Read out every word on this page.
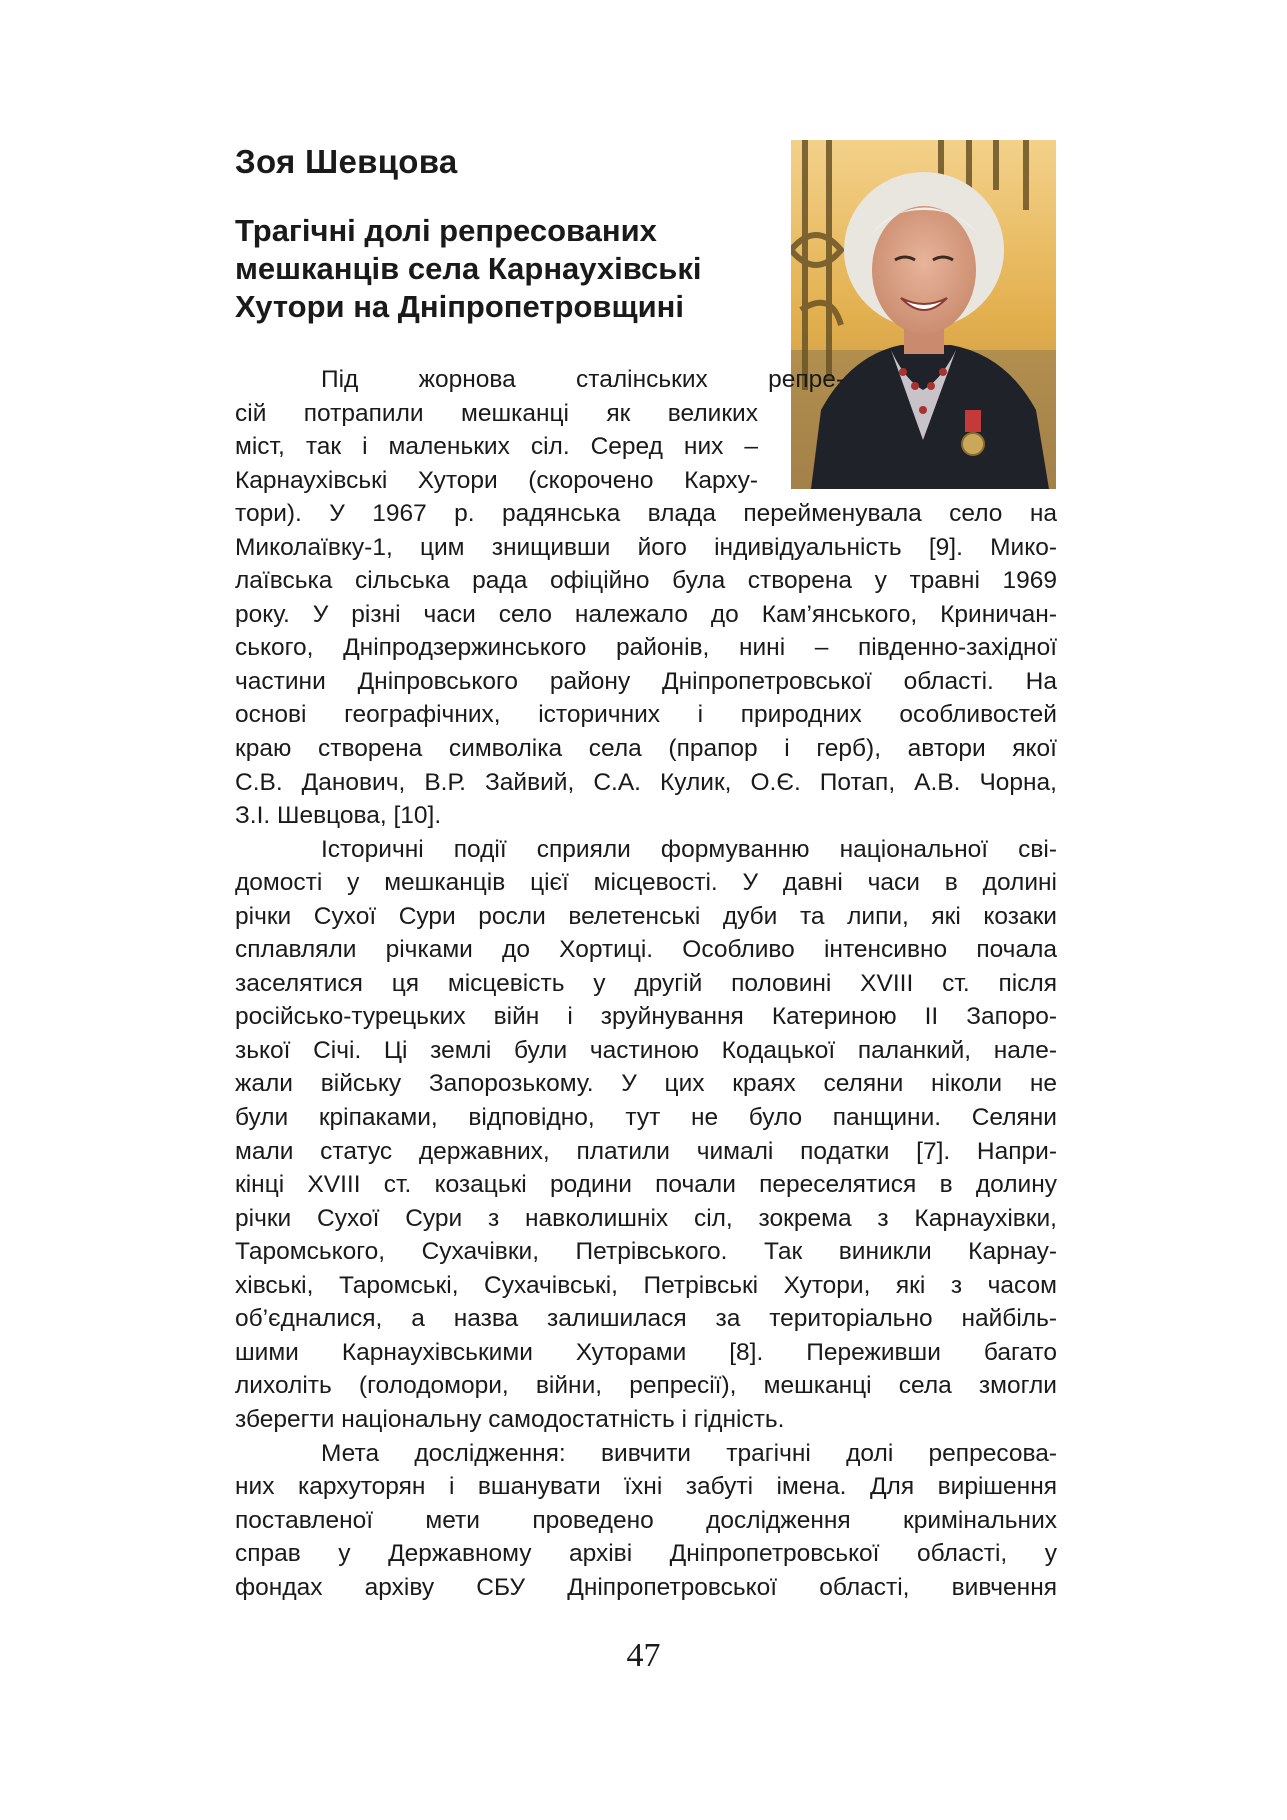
Зоя Шевцова
Трагічні долі репресованих
мешканців села Карнаухівські
Хутори на Дніпропетровщині
Під жорнова сталінських репре-
сій потрапили мешканці як великих
міст, так і маленьких сіл. Серед них –
Карнаухівські Хутори (скорочено Карху-
тори). У 1967 р. радянська влада перейменувала село на
Миколаївку-1, цим знищивши його індивідуальність [9]. Мико-
лаївська сільська рада офіційно була створена у травні 1969
року. У різні часи село належало до Кам’янського, Криничан-
ського, Дніпродзержинського районів, нині – південно-західної
частини Дніпровського району Дніпропетровської області. На
основі географічних, історичних і природних особливостей
краю створена символіка села (прапор і герб), автори якої
С.В. Данович, В.Р. Зайвий, С.А. Кулик, О.Є. Потап, А.В. Чорна,
З.І. Шевцова, [10].
Історичні події сприяли формуванню національної сві-
домості у мешканців цієї місцевості. У давні часи в долині
річки Сухої Сури росли велетенські дуби та липи, які козаки
сплавляли річками до Хортиці. Особливо інтенсивно почала
заселятися ця місцевість у другій половині XVIII ст. після
російсько-турецьких війн і зруйнування Катериною II Запоро-
зької Січі. Ці землі були частиною Кодацької паланкий, нале-
жали війську Запорозькому. У цих краях селяни ніколи не
були кріпаками, відповідно, тут не було панщини. Селяни
мали статус державних, платили чималі податки [7]. Напри-
кінці XVIII ст. козацькі родини почали переселятися в долину
річки Сухої Сури з навколишніх сіл, зокрема з Карнаухівки,
Таромського, Сухачівки, Петрівського. Так виникли Карнау-
хівські, Таромські, Сухачівські, Петрівські Хутори, які з часом
об’єдналися, а назва залишилася за територіально найбіль-
шими Карнаухівськими Хуторами [8]. Переживши багато
лихоліть (голодомори, війни, репресії), мешканці села змогли
зберегти національну самодостатність і гідність.
Мета дослідження: вивчити трагічні долі репресова-
них кархуторян і вшанувати їхні забуті імена. Для вирішення
поставленої мети проведено дослідження кримінальних
справ у Державному архіві Дніпропетровської області, у
фондах архіву СБУ Дніпропетровської області, вивчення
47
